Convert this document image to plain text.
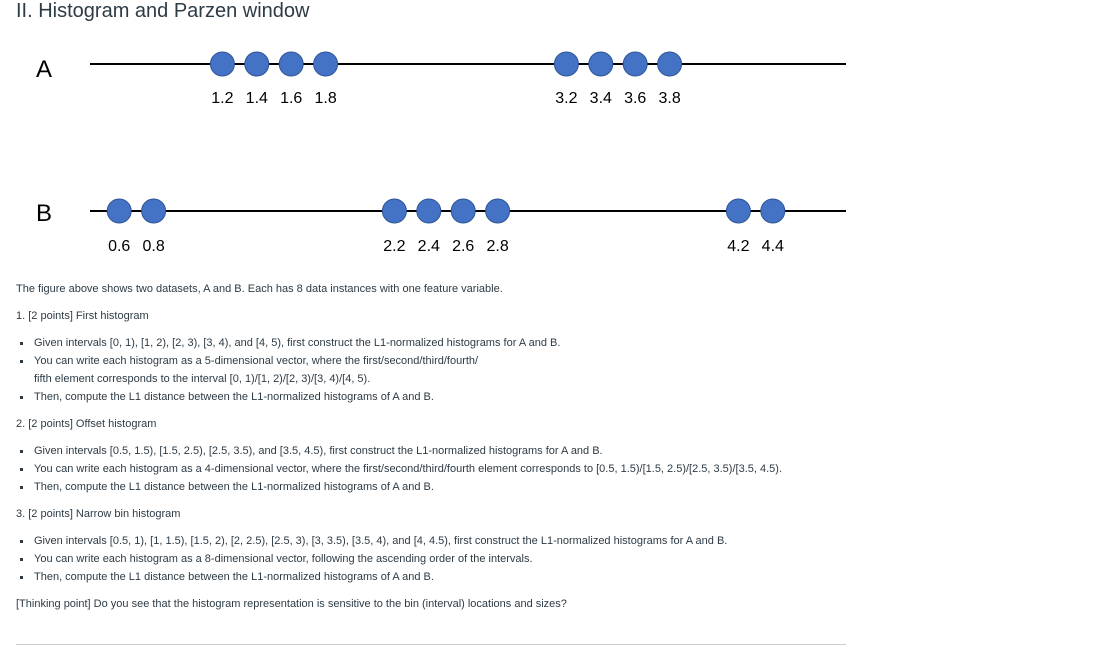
II. Histogram and Parzen window
A
1.2 1.4 1.6 1.8	3.2 3.4 3.6 3.8
B
0.6 0.8	2.2 2.4 2.6 2.8	4.2 4.4

The figure above shows two datasets, A and B. Each has 8 data instances with one feature variable.

1. [2 points] First histogram

Given intervals [0, 1), [1, 2), [2, 3), [3, 4), and [4, 5), first construct the L1-normalized histograms for A and B.
You can write each histogram as a 5-dimensional vector, where the first/second/third/fourth/
fifth element corresponds to the interval [0, 1)/[1, 2)/[2, 3)/[3, 4)/[4, 5).
Then, compute the L1 distance between the L1-normalized histograms of A and B.

2. [2 points] Offset histogram

Given intervals [0.5, 1.5), [1.5, 2.5), [2.5, 3.5), and [3.5, 4.5), first construct the L1-normalized histograms for A and B.
You can write each histogram as a 4-dimensional vector, where the first/second/third/fourth element corresponds to [0.5, 1.5)/[1.5, 2.5)/[2.5, 3.5)/[3.5, 4.5).
Then, compute the L1 distance between the L1-normalized histograms of A and B.

3. [2 points] Narrow bin histogram

Given intervals [0.5, 1), [1, 1.5), [1.5, 2), [2, 2.5), [2.5, 3), [3, 3.5), [3.5, 4), and [4, 4.5), first construct the L1-normalized histograms for A and B.
You can write each histogram as a 8-dimensional vector, following the ascending order of the intervals.
Then, compute the L1 distance between the L1-normalized histograms of A and B.

[Thinking point] Do you see that the histogram representation is sensitive to the bin (interval) locations and sizes?
